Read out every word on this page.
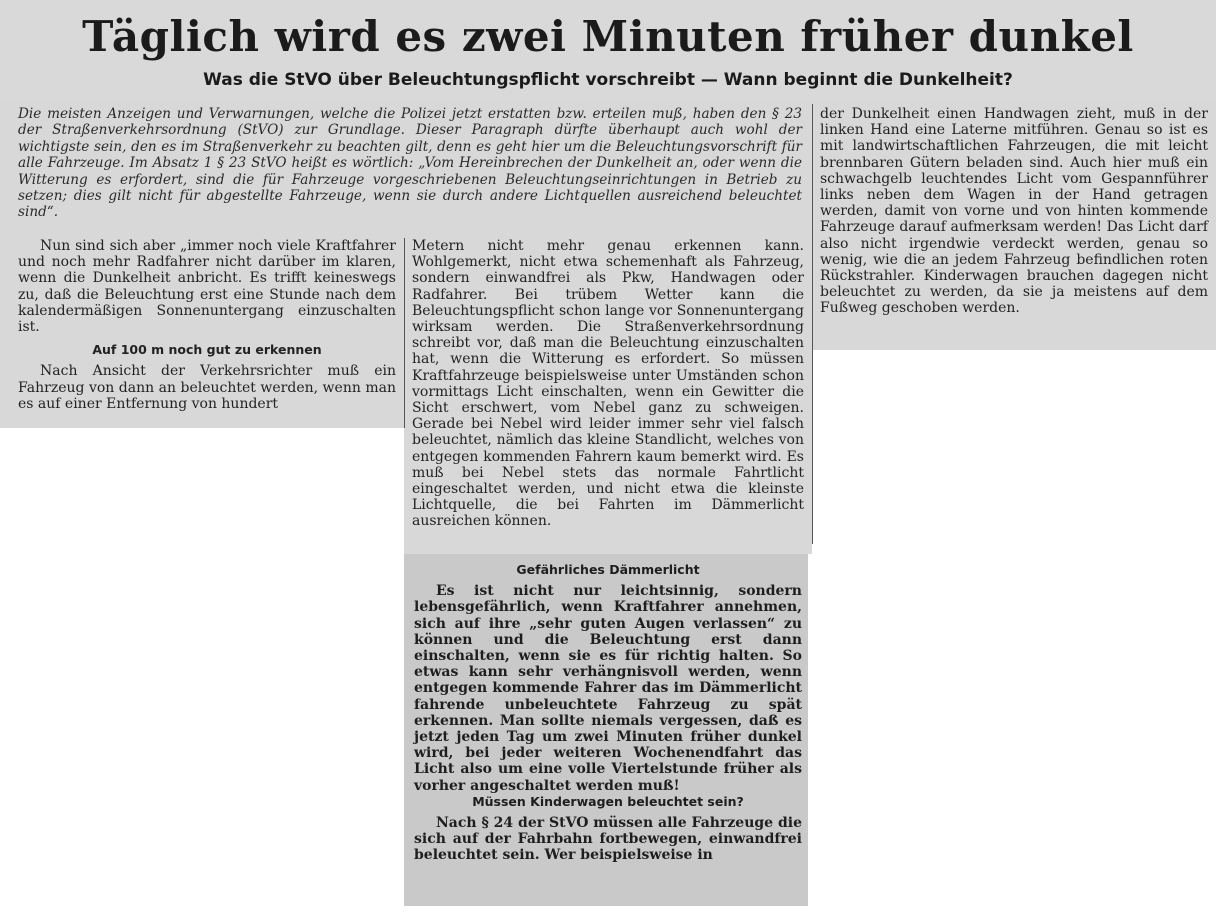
Täglich wird es zwei Minuten früher dunkel
Was die StVO über Beleuchtungspflicht vorschreibt — Wann beginnt die Dunkelheit?
Die meisten Anzeigen und Verwarnungen, welche die Polizei jetzt erstatten bzw. erteilen muß, haben den § 23 der Straßenverkehrsordnung (StVO) zur Grundlage. Dieser Paragraph dürfte überhaupt auch wohl der wichtigste sein, den es im Straßenverkehr zu beachten gilt, denn es geht hier um die Beleuchtungsvorschrift für alle Fahrzeuge. Im Absatz 1 § 23 StVO heißt es wörtlich: „Vom Hereinbrechen der Dunkelheit an, oder wenn die Witterung es erfordert, sind die für Fahrzeuge vorgeschriebenen Beleuchtungseinrichtungen in Betrieb zu setzen; dies gilt nicht für abgestellte Fahrzeuge, wenn sie durch andere Lichtquellen ausreichend beleuchtet sind“.

Nun sind sich aber „immer noch viele Kraftfahrer und noch mehr Radfahrer nicht darüber im klaren, wenn die Dunkelheit anbricht. Es trifft keineswegs zu, daß die Beleuchtung erst eine Stunde nach dem kalendermäßigen Sonnenuntergang einzuschalten ist.

Auf 100 m noch gut zu erkennen

Nach Ansicht der Verkehrsrichter muß ein Fahrzeug von dann an beleuchtet werden, wenn man es auf einer Entfernung von hundert

Metern nicht mehr genau erkennen kann. Wohlgemerkt, nicht etwa schemenhaft als Fahrzeug, sondern einwandfrei als Pkw, Handwagen oder Radfahrer. Bei trübem Wetter kann die Beleuchtungspflicht schon lange vor Sonnenuntergang wirksam werden. Die Straßenverkehrsordnung schreibt vor, daß man die Beleuchtung einzuschalten hat, wenn die Witterung es erfordert. So müssen Kraftfahrzeuge beispielsweise unter Umständen schon vormittags Licht einschalten, wenn ein Gewitter die Sicht erschwert, vom Nebel ganz zu schweigen. Gerade bei Nebel wird leider immer sehr viel falsch beleuchtet, nämlich das kleine Standlicht, welches von entgegen kommenden Fahrern kaum bemerkt wird. Es muß bei Nebel stets das normale Fahrtlicht eingeschaltet werden, und nicht etwa die kleinste Lichtquelle, die bei Fahrten im Dämmerlicht ausreichen können.

Gefährliches Dämmerlicht

Es ist nicht nur leichtsinnig, sondern lebensgefährlich, wenn Kraftfahrer annehmen, sich auf ihre „sehr guten Augen verlassen“ zu können und die Beleuchtung erst dann einschalten, wenn sie es für richtig halten. So etwas kann sehr verhängnisvoll werden, wenn entgegen kommende Fahrer das im Dämmerlicht fahrende unbeleuchtete Fahrzeug zu spät erkennen. Man sollte niemals vergessen, daß es jetzt jeden Tag um zwei Minuten früher dunkel wird, bei jeder weiteren Wochenendfahrt das Licht also um eine volle Viertelstunde früher als vorher angeschaltet werden muß!

Müssen Kinderwagen beleuchtet sein?

Nach § 24 der StVO müssen alle Fahrzeuge die sich auf der Fahrbahn fortbewegen, einwandfrei beleuchtet sein. Wer beispielsweise in

der Dunkelheit einen Handwagen zieht, muß in der linken Hand eine Laterne mitführen. Genau so ist es mit landwirtschaftlichen Fahrzeugen, die mit leicht brennbaren Gütern beladen sind. Auch hier muß ein schwachgelb leuchtendes Licht vom Gespannführer links neben dem Wagen in der Hand getragen werden, damit von vorne und von hinten kommende Fahrzeuge darauf aufmerksam werden! Das Licht darf also nicht irgendwie verdeckt werden, genau so wenig, wie die an jedem Fahrzeug befindlichen roten Rückstrahler. Kinderwagen brauchen dagegen nicht beleuchtet zu werden, da sie ja meistens auf dem Fußweg geschoben werden.
